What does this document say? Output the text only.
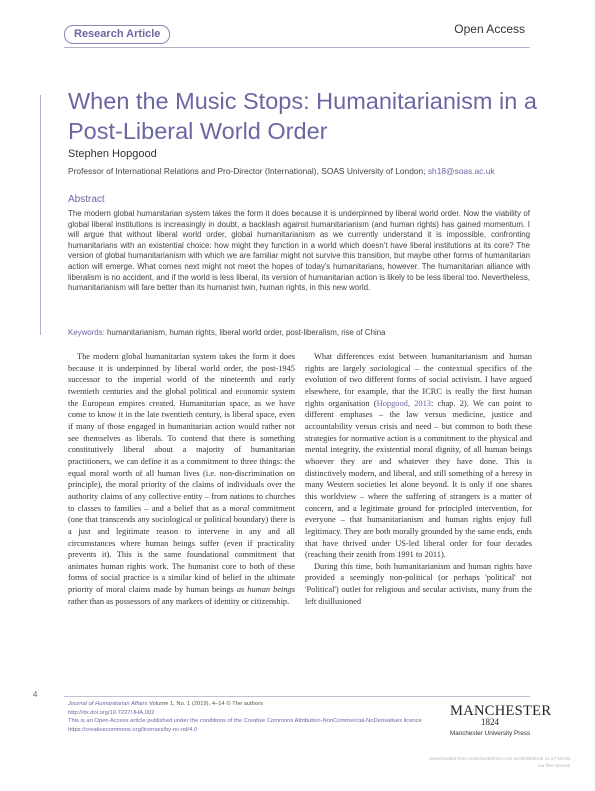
Research Article	Open Access
When the Music Stops: Humanitarianism in a Post-Liberal World Order
Stephen Hopgood
Professor of International Relations and Pro-Director (International), SOAS University of London; sh18@soas.ac.uk
Abstract

The modern global humanitarian system takes the form it does because it is underpinned by liberal world order. Now the viability of global liberal institutions is increasingly in doubt, a backlash against humanitarianism (and human rights) has gained momentum. I will argue that without liberal world order, global humanitarianism as we currently understand it is impossible, confronting humanitarians with an existential choice: how might they function in a world which doesn't have liberal institutions at its core? The version of global humanitarianism with which we are familiar might not survive this transition, but maybe other forms of humanitarian action will emerge. What comes next might not meet the hopes of today's humanitarians, however. The humanitarian alliance with liberalism is no accident, and if the world is less liberal, its version of humanitarian action is likely to be less liberal too. Nevertheless, humanitarianism will fare better than its humanist twin, human rights, in this new world.

Keywords: humanitarianism, human rights, liberal world order, post-liberalism, rise of China

The modern global humanitarian system takes the form it does because it is underpinned by liberal world order, the post-1945 successor to the imperial world of the nineteenth and early twentieth centuries and the global political and economic system the European empires created. Humanitarian space, as we have come to know it in the late twentieth century, is liberal space, even if many of those engaged in humanitarian action would rather not see themselves as liberals. To contend that there is something constitutively liberal about a majority of humanitarian practitioners, we can define it as a commitment to three things: the equal moral worth of all human lives (i.e. non-discrimination on principle), the moral priority of the claims of individuals over the authority claims of any collective entity – from nations to churches to classes to families – and a belief that as a moral commitment (one that transcends any sociological or political boundary) there is a just and legitimate reason to intervene in any and all circumstances where human beings suffer (even if practicality prevents it). This is the same foundational commitment that animates human rights work. The humanist core to both of these forms of social practice is a similar kind of belief in the ultimate priority of moral claims made by human beings as human beings rather than as possessors of any markers of identity or citizenship.

What differences exist between humanitarianism and human rights are largely sociological – the contextual specifics of the evolution of two different forms of social activism. I have argued elsewhere, for example, that the ICRC is really the first human rights organisation (Hopgood, 2013: chap. 2). We can point to different emphases – the law versus medicine, justice and accountability versus crisis and need – but common to both these strategies for normative action is a commitment to the physical and mental integrity, the existential moral dignity, of all human beings whoever they are and whatever they have done. This is distinctively modern, and liberal, and still something of a heresy in many Western societies let alone beyond. It is only if one shares this worldview – where the suffering of strangers is a matter of concern, and a legitimate ground for principled intervention, for everyone – that humanitarianism and human rights enjoy full legitimacy. They are both morally grounded by the same ends, ends that have thrived under US-led liberal order for four decades (reaching their zenith from 1991 to 2011).

During this time, both humanitarianism and human rights have provided a seemingly non-political (or perhaps 'political' not 'Political') outlet for religious and secular activists, many from the left disillusioned

4
Journal of Humanitarian Affairs Volume 1, No. 1 (2019), 4–14 © The authors
http://dx.doi.org/10.7227/JHA.002
This is an Open Access article published under the conditions of the Creative Commons Attribution-NonCommercial-NoDerivatives licence
https://creativecommons.org/licenses/by-nc-nd/4.0
MANCHESTER
1824
Manchester University Press
Downloaded from manchesterhive.com at 09/06/2019 11:17:18AM
via free access
